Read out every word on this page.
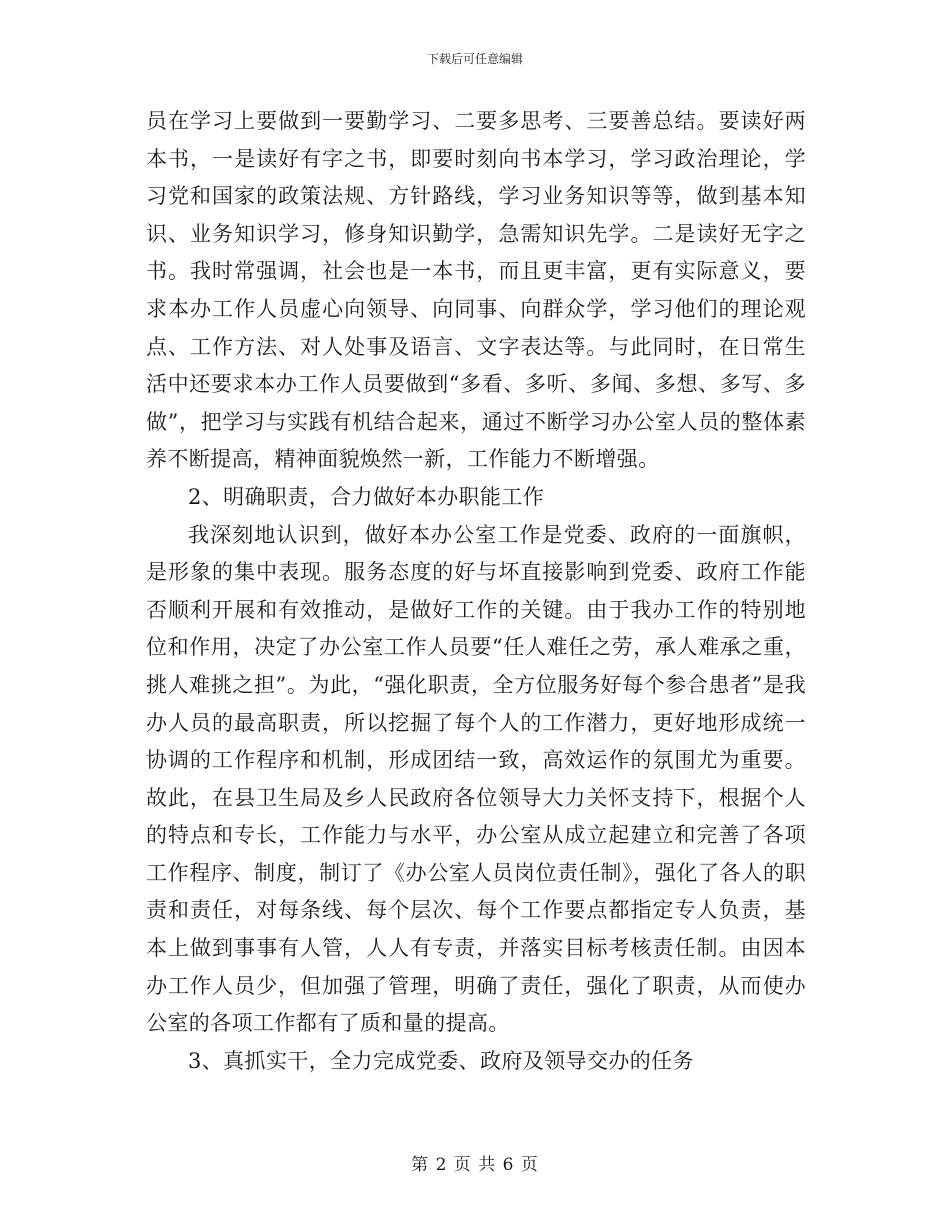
下载后可任意编辑

员在学习上要做到一要勤学习、二要多思考、三要善总结。要读好两本书，一是读好有字之书，即要时刻向书本学习，学习政治理论，学习党和国家的政策法规、方针路线，学习业务知识等等，做到基本知识、业务知识学习，修身知识勤学，急需知识先学。二是读好无字之书。我时常强调，社会也是一本书，而且更丰富，更有实际意义，要求本办工作人员虚心向领导、向同事、向群众学，学习他们的理论观点、工作方法、对人处事及语言、文字表达等。与此同时，在日常生活中还要求本办工作人员要做到“多看、多听、多闻、多想、多写、多做”，把学习与实践有机结合起来，通过不断学习办公室人员的整体素养不断提高，精神面貌焕然一新，工作能力不断增强。

2、明确职责，合力做好本办职能工作

我深刻地认识到，做好本办公室工作是党委、政府的一面旗帜，是形象的集中表现。服务态度的好与坏直接影响到党委、政府工作能否顺利开展和有效推动，是做好工作的关键。由于我办工作的特别地位和作用，决定了办公室工作人员要“任人难任之劳，承人难承之重，挑人难挑之担”。为此，“强化职责，全方位服务好每个参合患者”是我办人员的最高职责，所以挖掘了每个人的工作潜力，更好地形成统一协调的工作程序和机制，形成团结一致，高效运作的氛围尤为重要。故此，在县卫生局及乡人民政府各位领导大力关怀支持下，根据个人的特点和专长，工作能力与水平，办公室从成立起建立和完善了各项工作程序、制度，制订了《办公室人员岗位责任制》，强化了各人的职责和责任，对每条线、每个层次、每个工作要点都指定专人负责，基本上做到事事有人管，人人有专责，并落实目标考核责任制。由因本办工作人员少，但加强了管理，明确了责任，强化了职责，从而使办公室的各项工作都有了质和量的提高。

3、真抓实干，全力完成党委、政府及领导交办的任务

第 2 页 共 6 页
